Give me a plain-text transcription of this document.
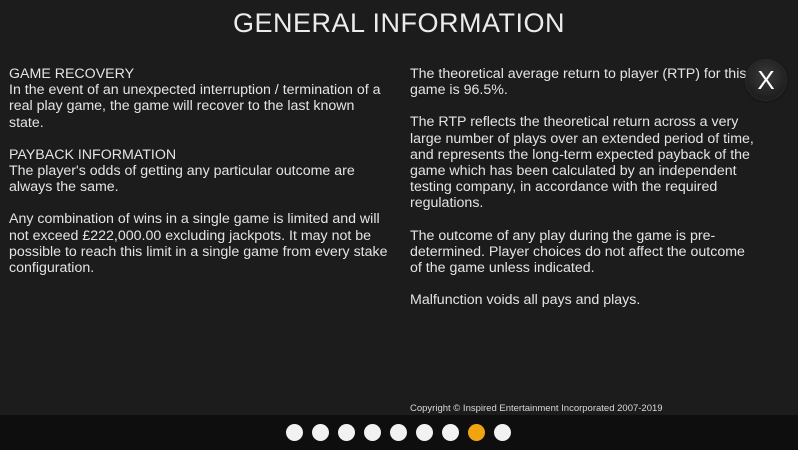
GENERAL INFORMATION

GAME RECOVERY

In the event of an unexpected interruption / termination of a real play game, the game will recover to the last known state.

PAYBACK INFORMATION

The player's odds of getting any particular outcome are always the same.

Any combination of wins in a single game is limited and will not exceed £222,000.00 excluding jackpots. It may not be possible to reach this limit in a single game from every stake configuration.

The theoretical average return to player (RTP) for this game is 96.5%.

The RTP reflects the theoretical return across a very large number of plays over an extended period of time, and represents the long-term expected payback of the game which has been calculated by an independent testing company, in accordance with the required regulations.

The outcome of any play during the game is pre-determined. Player choices do not affect the outcome of the game unless indicated.

Malfunction voids all pays and plays.

X
Copyright © Inspired Entertainment Incorporated 2007-2019
